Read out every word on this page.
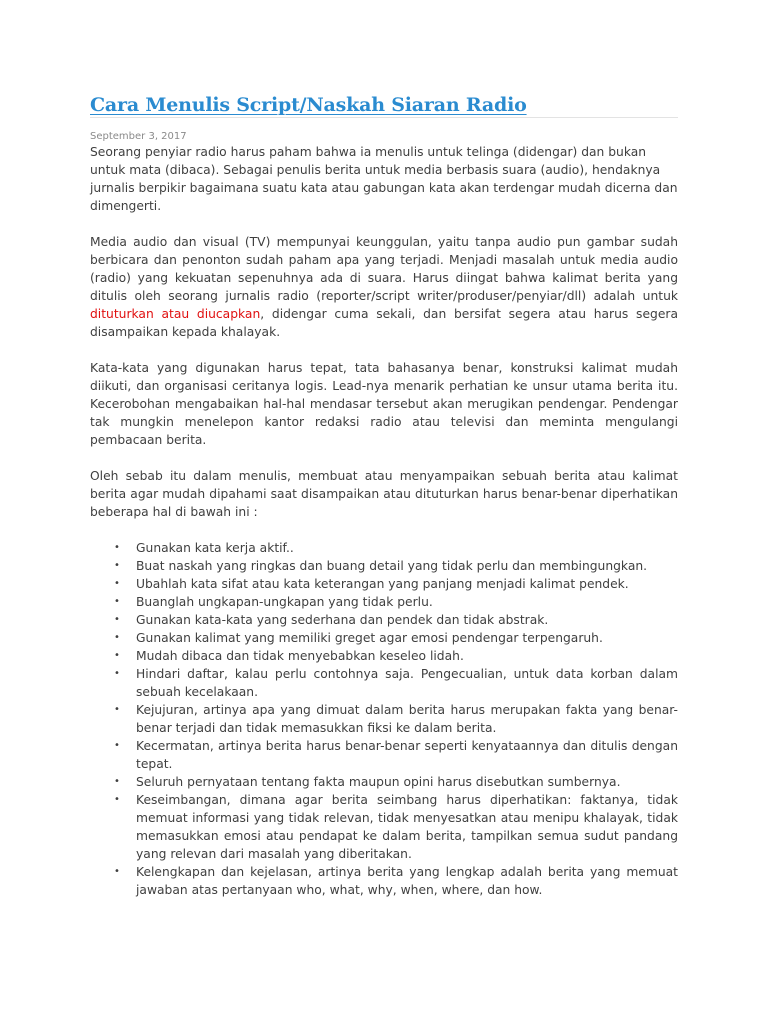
Cara Menulis Script/Naskah Siaran Radio
September 3, 2017

Seorang penyiar radio harus paham bahwa ia menulis untuk telinga (didengar) dan bukan untuk mata (dibaca). Sebagai penulis berita untuk media berbasis suara (audio), hendaknya jurnalis berpikir bagaimana suatu kata atau gabungan kata akan terdengar mudah dicerna dan dimengerti.

Media audio dan visual (TV) mempunyai keunggulan, yaitu tanpa audio pun gambar sudah berbicara dan penonton sudah paham apa yang terjadi. Menjadi masalah untuk media audio (radio) yang kekuatan sepenuhnya ada di suara. Harus diingat bahwa kalimat berita yang ditulis oleh seorang jurnalis radio (reporter/script writer/produser/penyiar/dll) adalah untuk dituturkan atau diucapkan, didengar cuma sekali, dan bersifat segera atau harus segera disampaikan kepada khalayak.

Kata-kata yang digunakan harus tepat, tata bahasanya benar, konstruksi kalimat mudah diikuti, dan organisasi ceritanya logis. Lead-nya menarik perhatian ke unsur utama berita itu. Kecerobohan mengabaikan hal-hal mendasar tersebut akan merugikan pendengar. Pendengar tak mungkin menelepon kantor redaksi radio atau televisi dan meminta mengulangi pembacaan berita.

Oleh sebab itu dalam menulis, membuat atau menyampaikan sebuah berita atau kalimat berita agar mudah dipahami saat disampaikan atau dituturkan harus benar-benar diperhatikan beberapa hal di bawah ini :

• Gunakan kata kerja aktif..
• Buat naskah yang ringkas dan buang detail yang tidak perlu dan membingungkan.
• Ubahlah kata sifat atau kata keterangan yang panjang menjadi kalimat pendek.
• Buanglah ungkapan-ungkapan yang tidak perlu.
• Gunakan kata-kata yang sederhana dan pendek dan tidak abstrak.
• Gunakan kalimat yang memiliki greget agar emosi pendengar terpengaruh.
• Mudah dibaca dan tidak menyebabkan keseleo lidah.
• Hindari daftar, kalau perlu contohnya saja. Pengecualian, untuk data korban dalam sebuah kecelakaan.
• Kejujuran, artinya apa yang dimuat dalam berita harus merupakan fakta yang benar-benar terjadi dan tidak memasukkan fiksi ke dalam berita.
• Kecermatan, artinya berita harus benar-benar seperti kenyataannya dan ditulis dengan tepat.
• Seluruh pernyataan tentang fakta maupun opini harus disebutkan sumbernya.
• Keseimbangan, dimana agar berita seimbang harus diperhatikan: faktanya, tidak memuat informasi yang tidak relevan, tidak menyesatkan atau menipu khalayak, tidak memasukkan emosi atau pendapat ke dalam berita, tampilkan semua sudut pandang yang relevan dari masalah yang diberitakan.
• Kelengkapan dan kejelasan, artinya berita yang lengkap adalah berita yang memuat jawaban atas pertanyaan who, what, why, when, where, dan how.
